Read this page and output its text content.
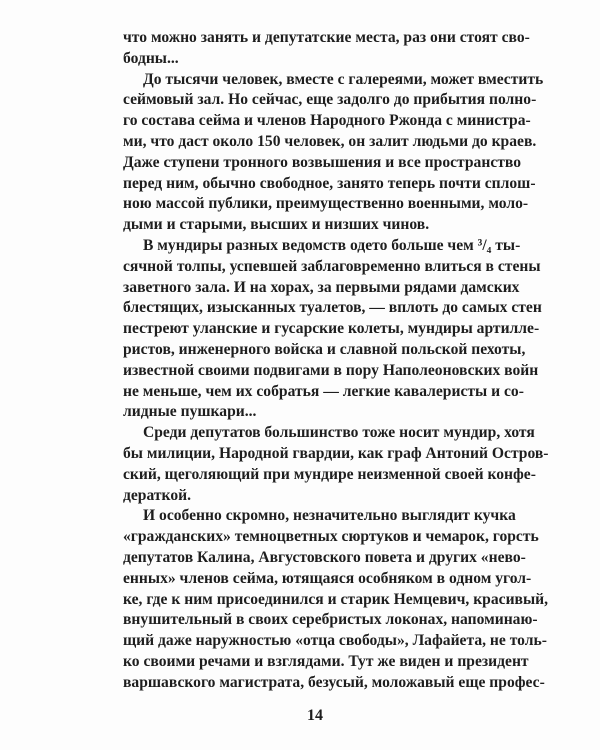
что можно занять и депутатские места, раз они стоят сво-
бодны...
До тысячи человек, вместе с галереями, может вместить
сеймовый зал. Но сейчас, еще задолго до прибытия полно-
го состава сейма и членов Народного Ржонда с министра-
ми, что даст около 150 человек, он залит людьми до краев.
Даже ступени тронного возвышения и все пространство
перед ним, обычно свободное, занято теперь почти сплош-
ною массой публики, преимущественно военными, моло-
дыми и старыми, высших и низших чинов.
В мундиры разных ведомств одето больше чем ³/₄ ты-
сячной толпы, успевшей заблаговременно влиться в стены
заветного зала. И на хорах, за первыми рядами дамских
блестящих, изысканных туалетов, — вплоть до самых стен
пестреют уланские и гусарские колеты, мундиры артилле-
ристов, инженерного войска и славной польской пехоты,
известной своими подвигами в пору Наполеоновских войн
не меньше, чем их собратья — легкие кавалеристы и со-
лидные пушкари...
Среди депутатов большинство тоже носит мундир, хотя
бы милиции, Народной гвардии, как граф Антоний Остров-
ский, щеголяющий при мундире неизменной своей конфе-
дераткой.
И особенно скромно, незначительно выглядит кучка
«гражданских» темноцветных сюртуков и чемарок, горсть
депутатов Калина, Августовского повета и других «нево-
енных» членов сейма, ютящаяся особняком в одном угол-
ке, где к ним присоединился и старик Немцевич, красивый,
внушительный в своих серебристых локонах, напоминаю-
щий даже наружностью «отца свободы», Лафайета, не толь-
ко своими речами и взглядами. Тут же виден и президент
варшавского магистрата, безусый, моложавый еще профес-
14
